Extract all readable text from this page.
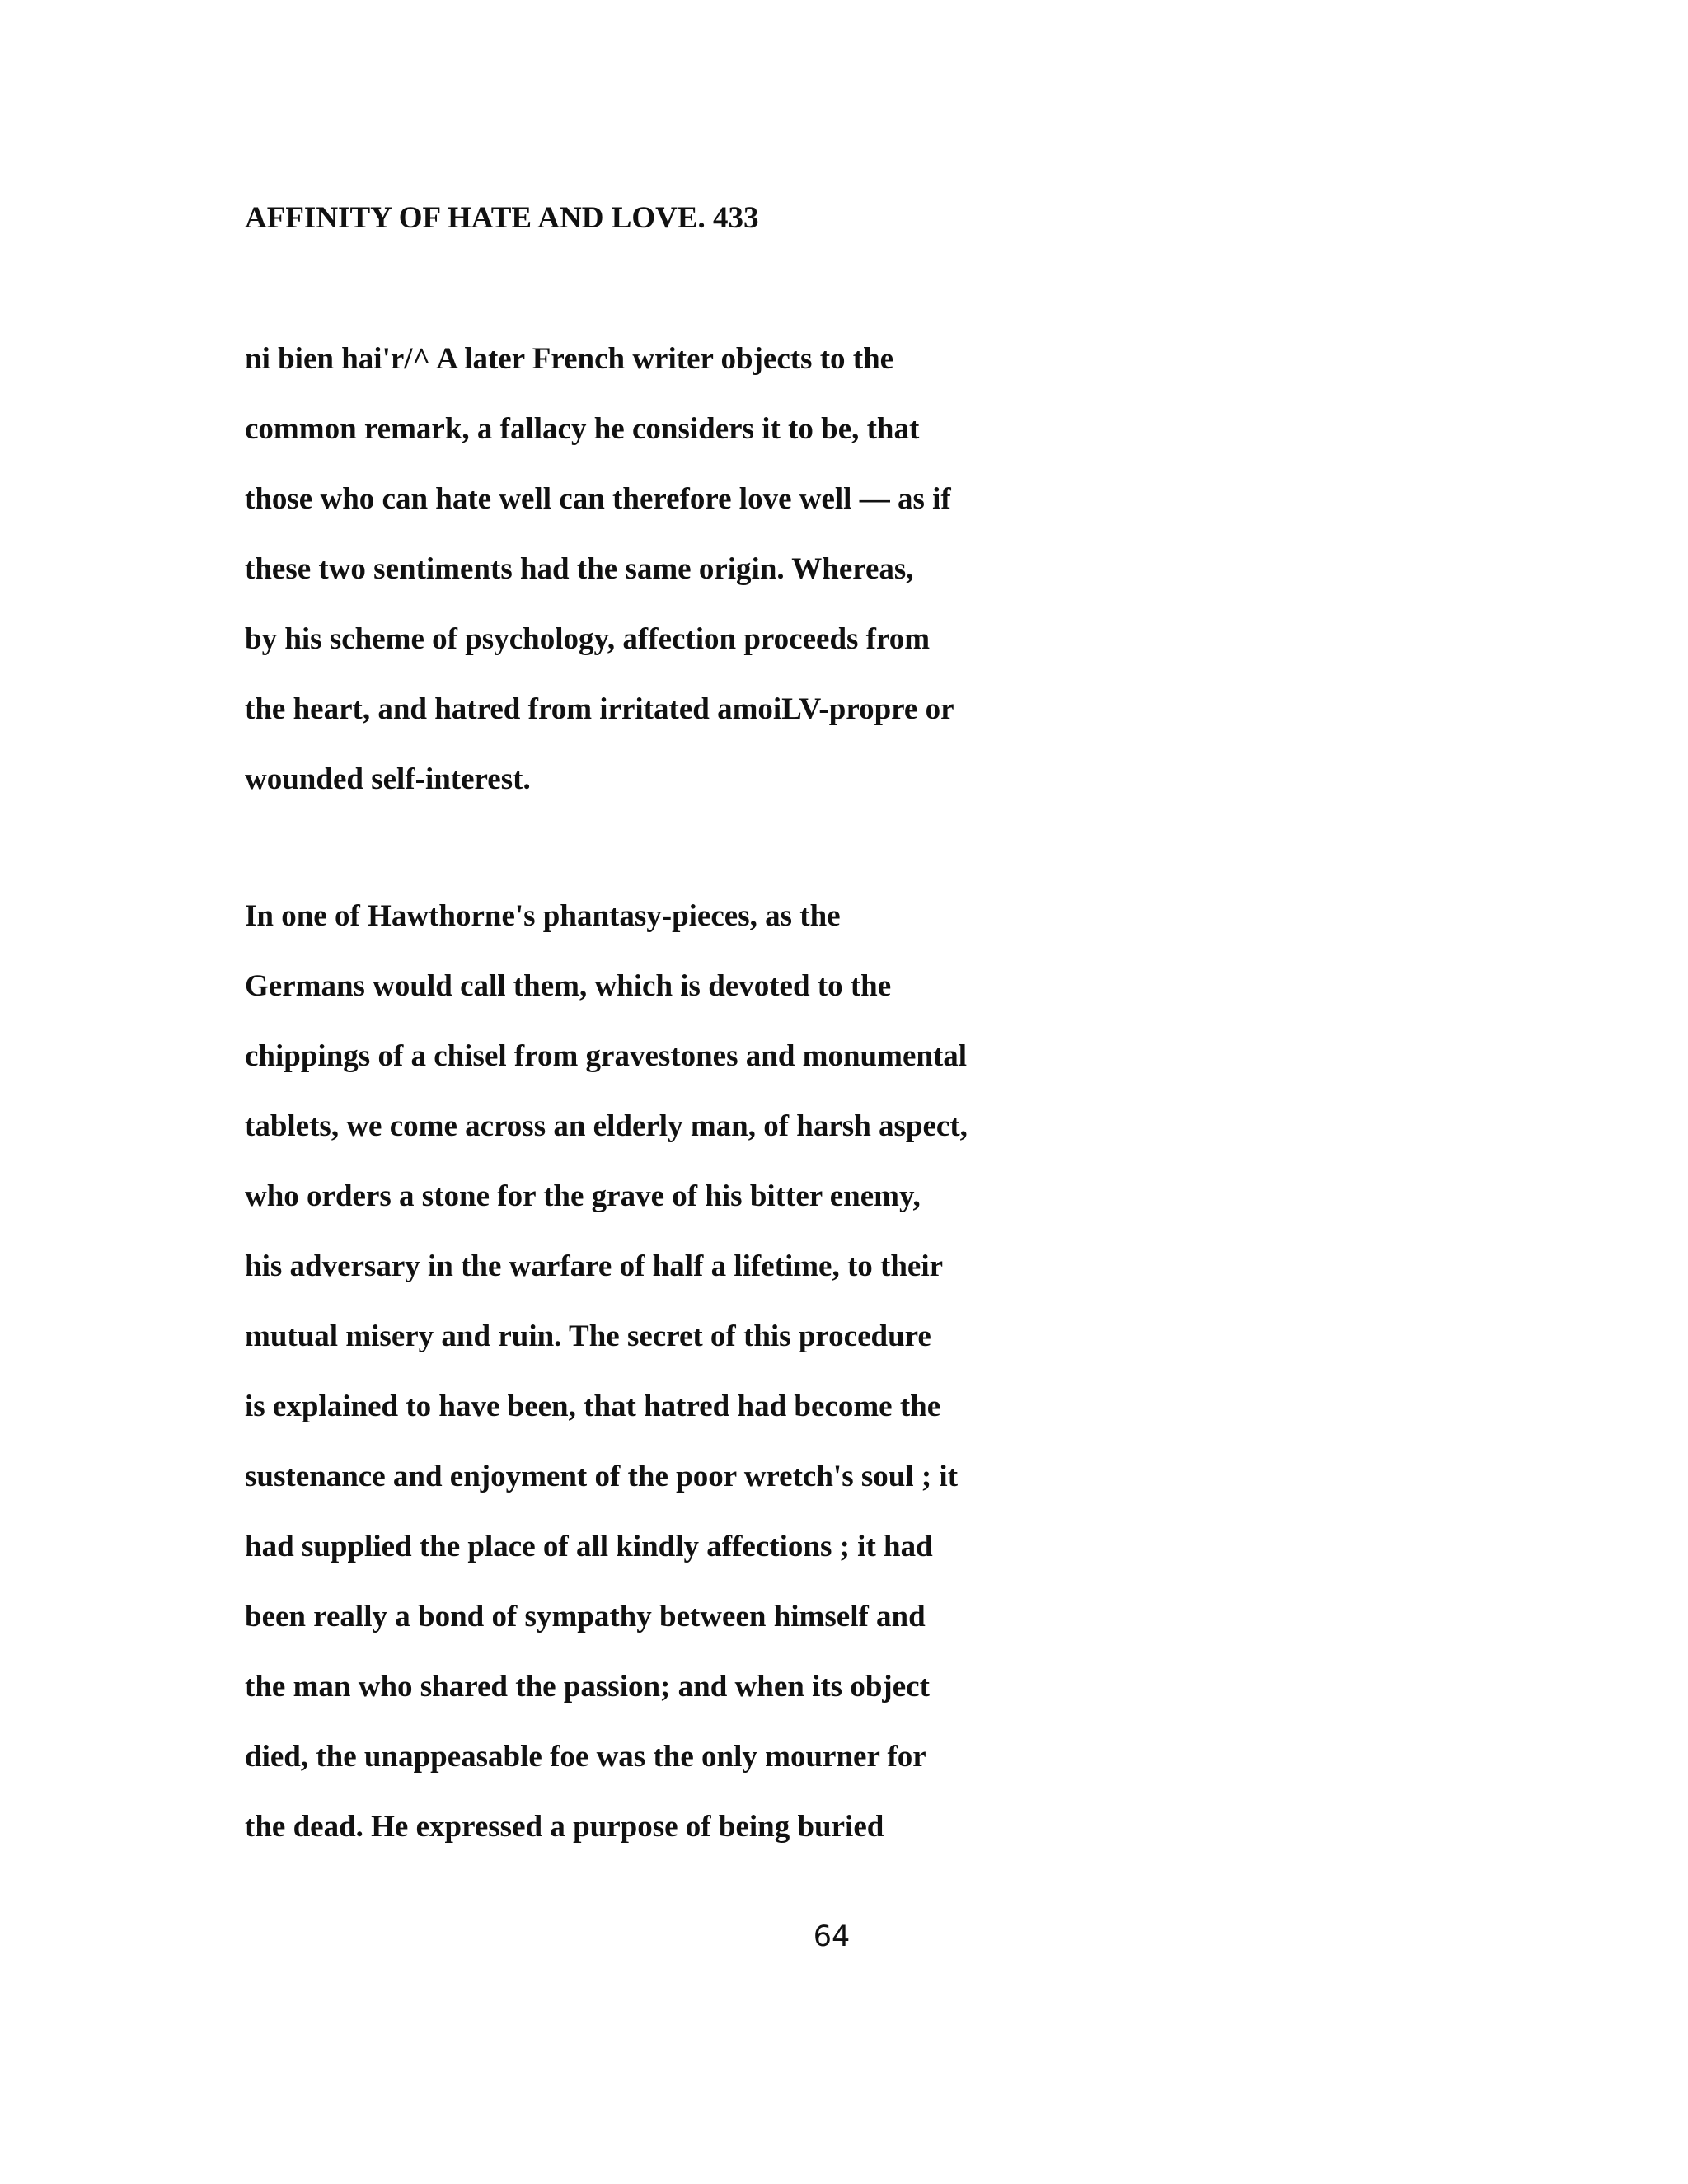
AFFINITY OF HATE AND LOVE. 433

ni bien hai'r/^ A later French writer objects to the
common remark, a fallacy he considers it to be, that
those who can hate well can therefore love well — as if
these two sentiments had the same origin. Whereas,
by his scheme of psychology, affection proceeds from
the heart, and hatred from irritated amoiLV-propre or
wounded self-interest.

In one of Hawthorne's phantasy-pieces, as the
Germans would call them, which is devoted to the
chippings of a chisel from gravestones and monumental
tablets, we come across an elderly man, of harsh aspect,
who orders a stone for the grave of his bitter enemy,
his adversary in the warfare of half a lifetime, to their
mutual misery and ruin. The secret of this procedure
is explained to have been, that hatred had become the
sustenance and enjoyment of the poor wretch's soul ; it
had supplied the place of all kindly affections ; it had
been really a bond of sympathy between himself and
the man who shared the passion; and when its object
died, the unappeasable foe was the only mourner for
the dead. He expressed a purpose of being buried

64
